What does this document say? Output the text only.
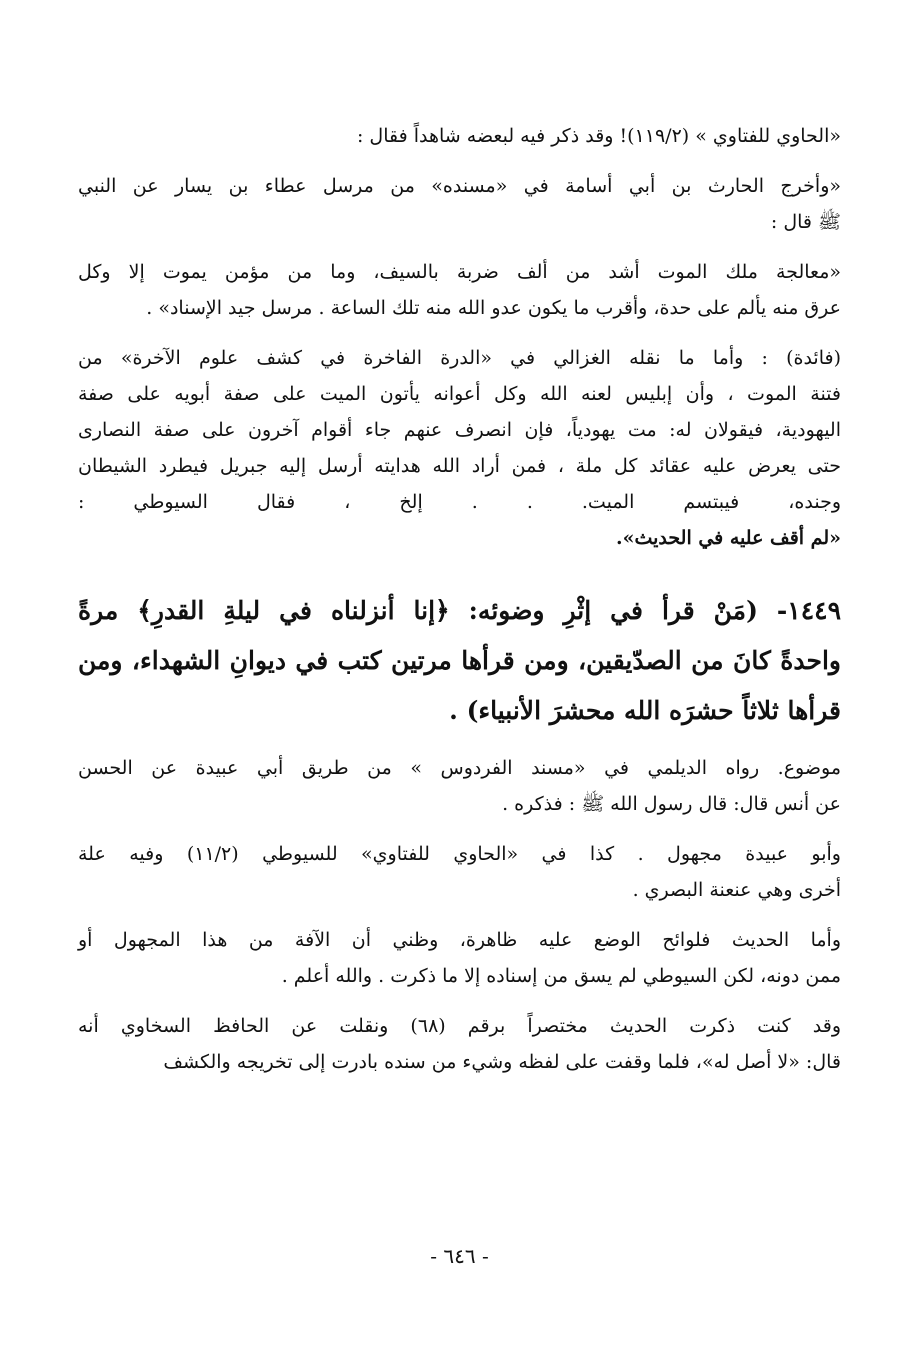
«الحاوي للفتاوي » (١١٩/٢)! وقد ذكر فيه لبعضه شاهداً فقال :
«وأخرج الحارث بن أبي أسامة في «مسنده» من مرسل عطاء بن يسار عن النبي
ﷺ قال :
«معالجة ملك الموت أشد من ألف ضربة بالسيف، وما من مؤمن يموت إلا وكل
عرق منه يألم على حدة، وأقرب ما يكون عدو الله منه تلك الساعة . مرسل جيد الإسناد» .
(فائدة) : وأما ما نقله الغزالي في «الدرة الفاخرة في كشف علوم الآخرة» من
فتنة الموت ، وأن إبليس لعنه الله وكل أعوانه يأتون الميت على صفة أبويه على صفة
اليهودية، فيقولان له: مت يهودياً، فإن انصرف عنهم جاء أقوام آخرون على صفة النصارى
حتى يعرض عليه عقائد كل ملة ، فمن أراد الله هدايته أرسل إليه جبريل فيطرد الشيطان
وجنده، فيبتسم الميت. . . إلخ ، فقال السيوطي :
«لم أقف عليه في الحديث».
١٤٤٩- (مَنْ قرأ في إثْرِ وضوئه: ﴿إنا أنزلناه في ليلةِ القدرِ﴾ مرةً
واحدةً كانَ من الصدّيقين، ومن قرأها مرتين كتب في ديوانِ الشهداء، ومن
قرأها ثلاثاً حشرَه الله محشرَ الأنبياء) .
موضوع. رواه الديلمي في «مسند الفردوس » من طريق أبي عبيدة عن الحسن
عن أنس قال: قال رسول الله ﷺ : فذكره .
وأبو عبيدة مجهول . كذا في «الحاوي للفتاوي» للسيوطي (١١/٢) وفيه علة
أخرى وهي عنعنة البصري .
وأما الحديث فلوائح الوضع عليه ظاهرة، وظني أن الآفة من هذا المجهول أو
ممن دونه، لكن السيوطي لم يسق من إسناده إلا ما ذكرت . والله أعلم .
وقد كنت ذكرت الحديث مختصراً برقم (٦٨) ونقلت عن الحافظ السخاوي أنه
قال: «لا أصل له»، فلما وقفت على لفظه وشيء من سنده بادرت إلى تخريجه والكشف
- ٦٤٦ -
